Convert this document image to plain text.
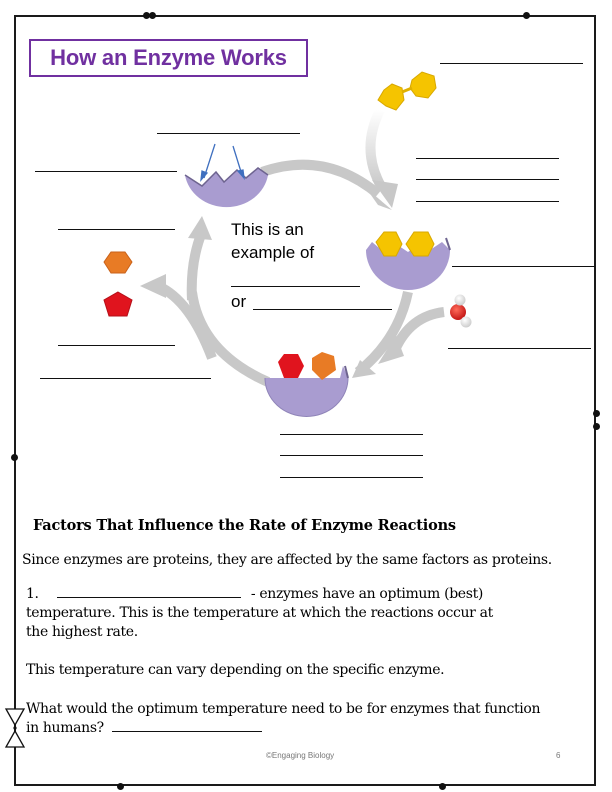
How an Enzyme Works
This is an
example of
or
Factors That Influence the Rate of Enzyme Reactions
Since enzymes are proteins, they are affected by the same factors as proteins.
1.	- enzymes have an optimum (best)
temperature. This is the temperature at which the reactions occur at
the highest rate.
This temperature can vary depending on the specific enzyme.
What would the optimum temperature need to be for enzymes that function
in humans?
©Engaging Biology	6
